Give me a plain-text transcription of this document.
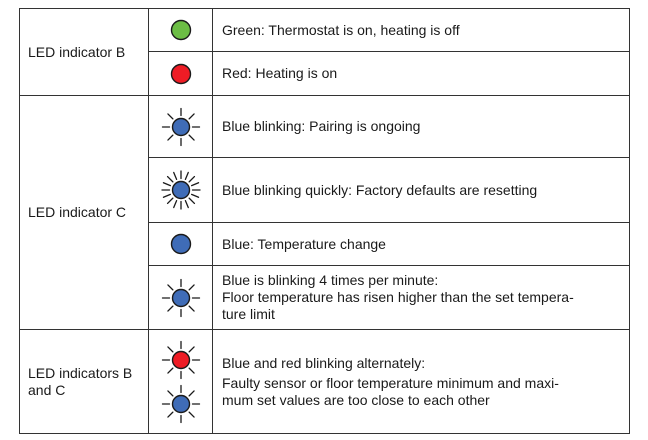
LED indicator B		Green: Thermostat is on, heating is off

Red: Heating is on

LED indicator C		Blue blinking: Pairing is ongoing

Blue blinking quickly: Factory defaults are resetting

Blue: Temperature change

Blue is blinking 4 times per minute:
Floor temperature has risen higher than the set tempera-
ture limit

LED indicators B
and C		Blue and red blinking alternately:
Faulty sensor or floor temperature minimum and maxi-
mum set values are too close to each other
